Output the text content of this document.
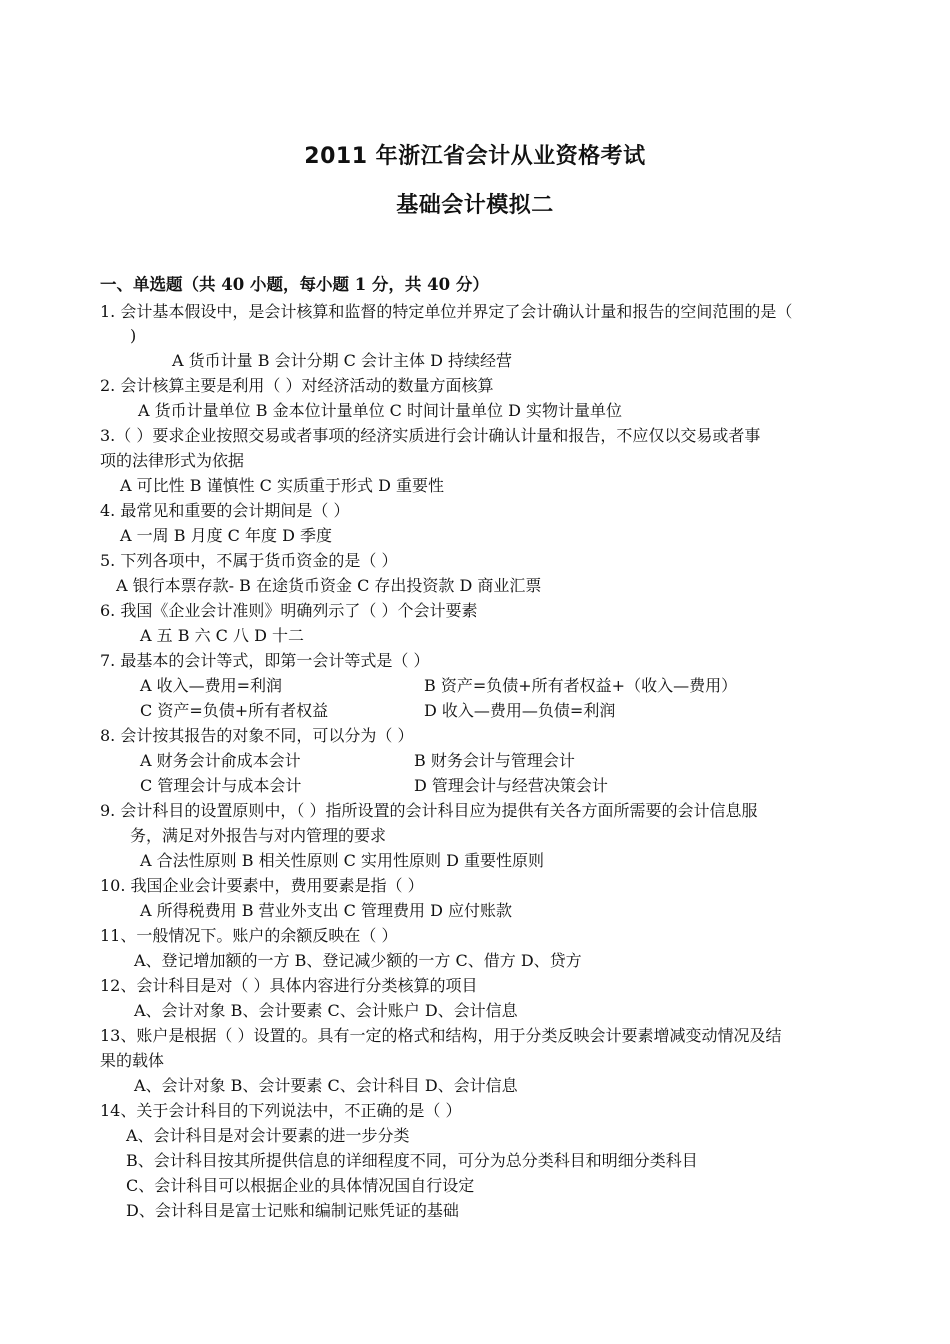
2011 年浙江省会计从业资格考试
基础会计模拟二
一、单选题（共 40 小题，每小题 1 分，共 40 分）
1. 会计基本假设中，是会计核算和监督的特定单位并界定了会计确认计量和报告的空间范围的是（
)
A 货币计量 B 会计分期 C 会计主体 D 持续经营
2. 会计核算主要是利用（ ）对经济活动的数量方面核算
A 货币计量单位 B 金本位计量单位 C 时间计量单位 D 实物计量单位
3.（ ）要求企业按照交易或者事项的经济实质进行会计确认计量和报告，不应仅以交易或者事
项的法律形式为依据
A 可比性 B 谨慎性 C 实质重于形式 D 重要性
4. 最常见和重要的会计期间是（ ）
A 一周 B 月度 C 年度 D 季度
5. 下列各项中，不属于货币资金的是（ ）
A 银行本票存款- B 在途货币资金 C 存出投资款 D 商业汇票
6. 我国《企业会计准则》明确列示了（ ）个会计要素
A 五 B 六 C 八 D 十二
7. 最基本的会计等式，即第一会计等式是（ ）
A 收入—费用=利润	B 资产=负债+所有者权益+（收入—费用）
C 资产=负债+所有者权益	D 收入—费用—负债=利润
8. 会计按其报告的对象不同，可以分为（ ）
A 财务会计俞成本会计	B 财务会计与管理会计
C 管理会计与成本会计	D 管理会计与经营决策会计
9. 会计科目的设置原则中，（ ）指所设置的会计科目应为提供有关各方面所需要的会计信息服
务，满足对外报告与对内管理的要求
A 合法性原则 B 相关性原则 C 实用性原则 D 重要性原则
10. 我国企业会计要素中，费用要素是指（ ）
A 所得税费用 B 营业外支出 C 管理费用 D 应付账款
11、一般情况下。账户的余额反映在（ ）
A、登记增加额的一方 B、登记减少额的一方 C、借方 D、贷方
12、会计科目是对（ ）具体内容进行分类核算的项目
A、会计对象 B、会计要素 C、会计账户 D、会计信息
13、账户是根据（ ）设置的。具有一定的格式和结构，用于分类反映会计要素增减变动情况及结
果的载体
A、会计对象 B、会计要素 C、会计科目 D、会计信息
14、关于会计科目的下列说法中，不正确的是（ ）
A、会计科目是对会计要素的进一步分类
B、会计科目按其所提供信息的详细程度不同，可分为总分类科目和明细分类科目
C、会计科目可以根据企业的具体情况国自行设定
D、会计科目是富士记账和编制记账凭证的基础
